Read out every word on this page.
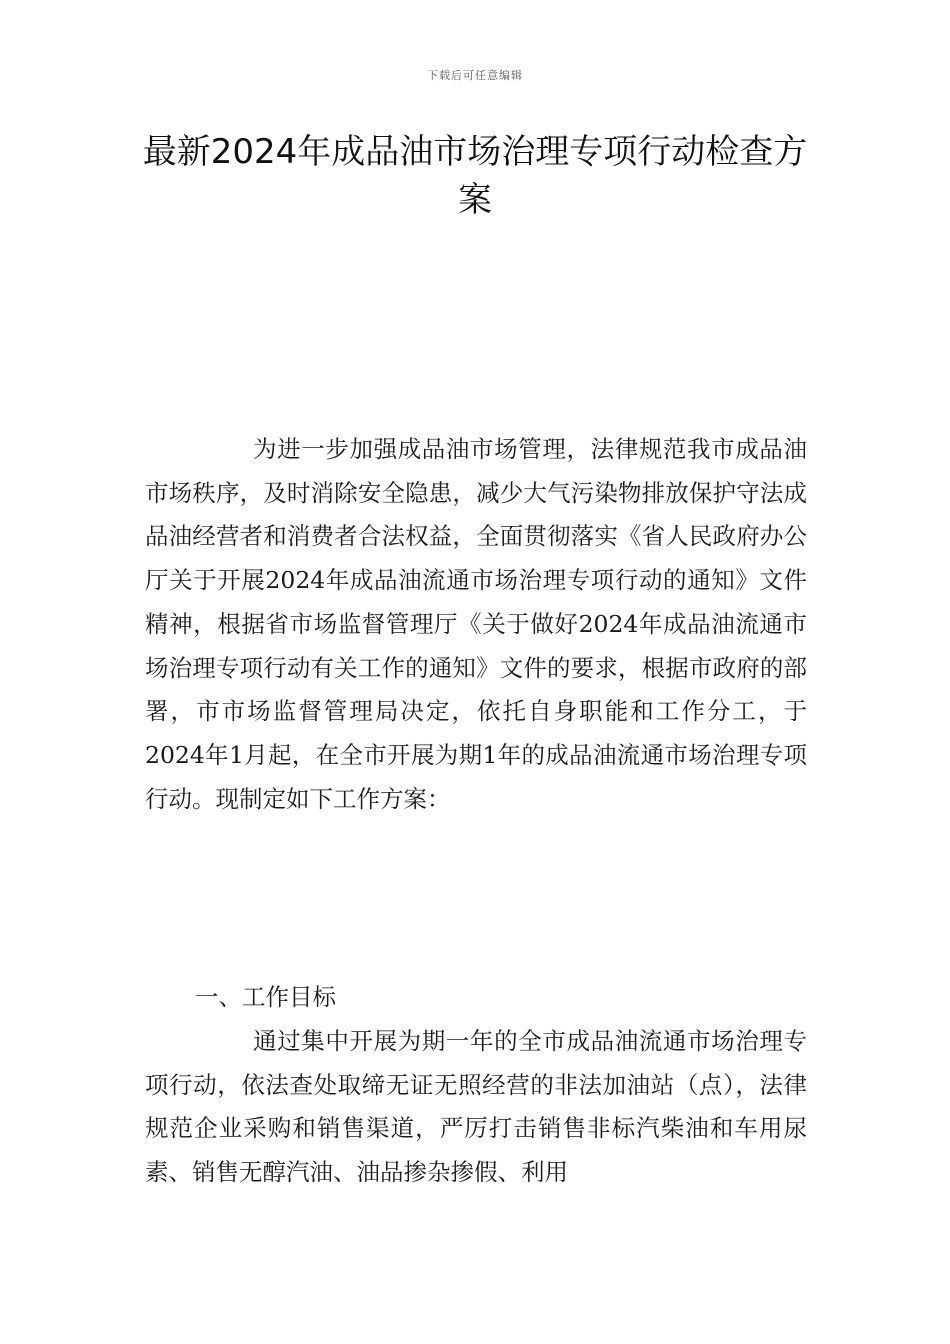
下载后可任意编辑
最新2024年成品油市场治理专项行动检查方案

为进一步加强成品油市场管理，法律规范我市成品油市场秩序，及时消除安全隐患，减少大气污染物排放保护守法成品油经营者和消费者合法权益，全面贯彻落实《省人民政府办公厅关于开展2024年成品油流通市场治理专项行动的通知》文件精神，根据省市场监督管理厅《关于做好2024年成品油流通市场治理专项行动有关工作的通知》文件的要求，根据市政府的部署，市市场监督管理局决定，依托自身职能和工作分工，于2024年1月起，在全市开展为期1年的成品油流通市场治理专项行动。现制定如下工作方案：

一、工作目标

通过集中开展为期一年的全市成品油流通市场治理专项行动，依法查处取缔无证无照经营的非法加油站（点），法律规范企业采购和销售渠道，严厉打击销售非标汽柴油和车用尿素、销售无醇汽油、油品掺杂掺假、利用
